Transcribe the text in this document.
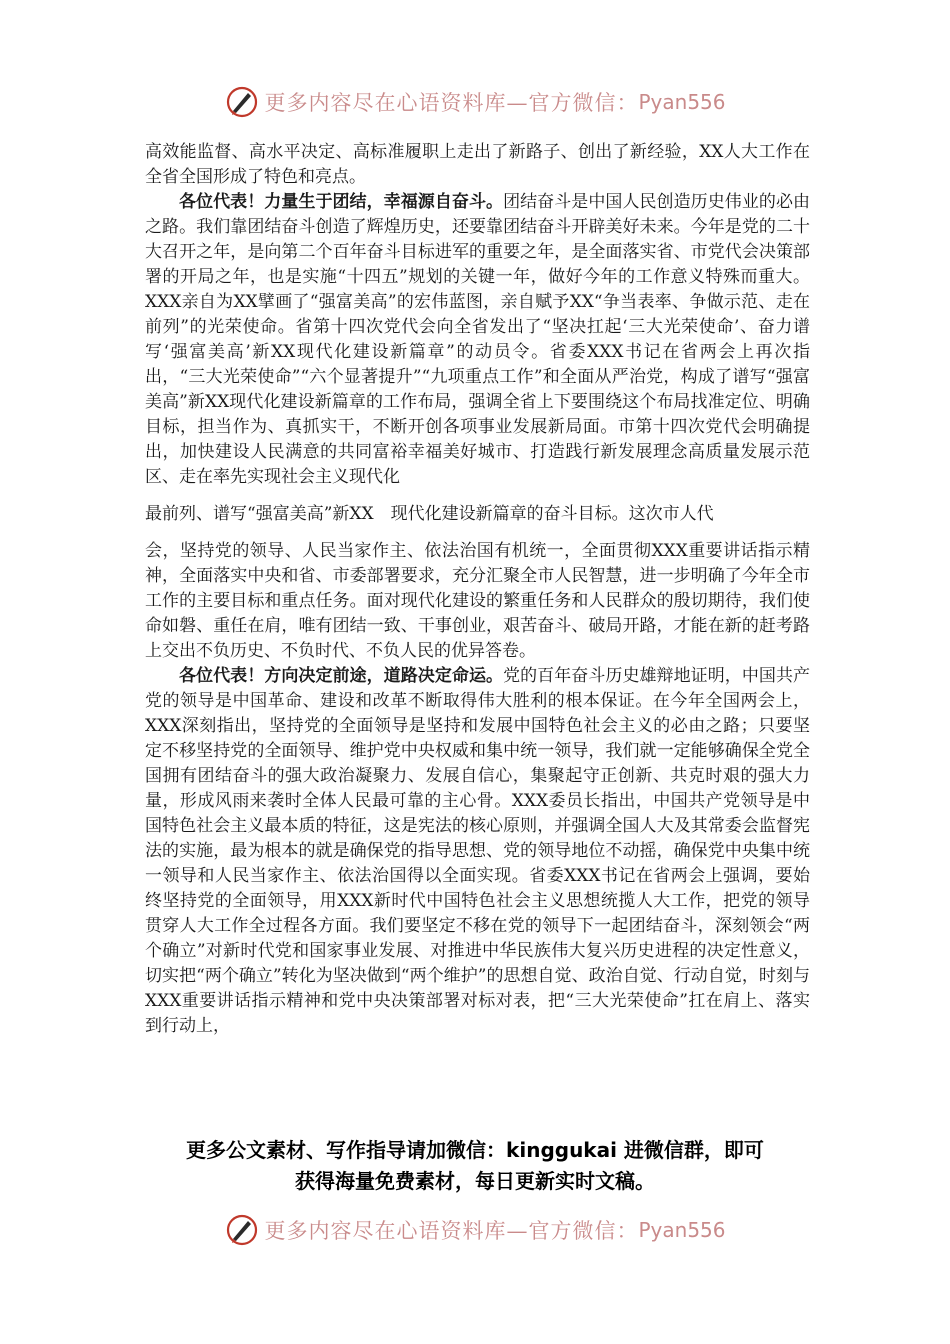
更多内容尽在心语资料库—官方微信： Pyan556

高效能监督、高水平决定、高标准履职上走出了新路子、创出了新经验，XX人大工作在全省全国形成了特色和亮点。

各位代表！力量生于团结，幸福源自奋斗。团结奋斗是中国人民创造历史伟业的必由之路。我们靠团结奋斗创造了辉煌历史，还要靠团结奋斗开辟美好未来。今年是党的二十大召开之年，是向第二个百年奋斗目标进军的重要之年，是全面落实省、市党代会决策部署的开局之年，也是实施“十四五”规划的关键一年，做好今年的工作意义特殊而重大。XXX亲自为XX擘画了“强富美高”的宏伟蓝图，亲自赋予XX“争当表率、争做示范、走在前列”的光荣使命。省第十四次党代会向全省发出了“坚决扛起‘三大光荣使命’、奋力谱写‘强富美高’新XX现代化建设新篇章”的动员令。省委XXX书记在省两会上再次指出，“三大光荣使命”“六个显著提升”“九项重点工作”和全面从严治党，构成了谱写“强富美高”新XX现代化建设新篇章的工作布局，强调全省上下要围绕这个布局找准定位、明确目标，担当作为、真抓实干，不断开创各项事业发展新局面。市第十四次党代会明确提出，加快建设人民满意的共同富裕幸福美好城市、打造践行新发展理念高质量发展示范区、走在率先实现社会主义现代化

最前列、谱写“强富美高”新XX　现代化建设新篇章的奋斗目标。这次市人代

会，坚持党的领导、人民当家作主、依法治国有机统一，全面贯彻XXX重要讲话指示精神，全面落实中央和省、市委部署要求，充分汇聚全市人民智慧，进一步明确了今年全市工作的主要目标和重点任务。面对现代化建设的繁重任务和人民群众的殷切期待，我们使命如磐、重任在肩，唯有团结一致、干事创业，艰苦奋斗、破局开路，才能在新的赶考路上交出不负历史、不负时代、不负人民的优异答卷。

各位代表！方向决定前途，道路决定命运。党的百年奋斗历史雄辩地证明，中国共产党的领导是中国革命、建设和改革不断取得伟大胜利的根本保证。在今年全国两会上，XXX深刻指出，坚持党的全面领导是坚持和发展中国特色社会主义的必由之路；只要坚定不移坚持党的全面领导、维护党中央权威和集中统一领导，我们就一定能够确保全党全国拥有团结奋斗的强大政治凝聚力、发展自信心，集聚起守正创新、共克时艰的强大力量，形成风雨来袭时全体人民最可靠的主心骨。XXX委员长指出，中国共产党领导是中国特色社会主义最本质的特征，这是宪法的核心原则，并强调全国人大及其常委会监督宪法的实施，最为根本的就是确保党的指导思想、党的领导地位不动摇，确保党中央集中统一领导和人民当家作主、依法治国得以全面实现。省委XXX书记在省两会上强调，要始终坚持党的全面领导，用XXX新时代中国特色社会主义思想统揽人大工作，把党的领导贯穿人大工作全过程各方面。我们要坚定不移在党的领导下一起团结奋斗，深刻领会“两个确立”对新时代党和国家事业发展、对推进中华民族伟大复兴历史进程的决定性意义，切实把“两个确立”转化为坚决做到“两个维护”的思想自觉、政治自觉、行动自觉，时刻与XXX重要讲话指示精神和党中央决策部署对标对表，把“三大光荣使命”扛在肩上、落实到行动上，

更多公文素材、写作指导请加微信：kinggukai 进微信群，即可
获得海量免费素材，每日更新实时文稿。
更多内容尽在心语资料库—官方微信： Pyan556
